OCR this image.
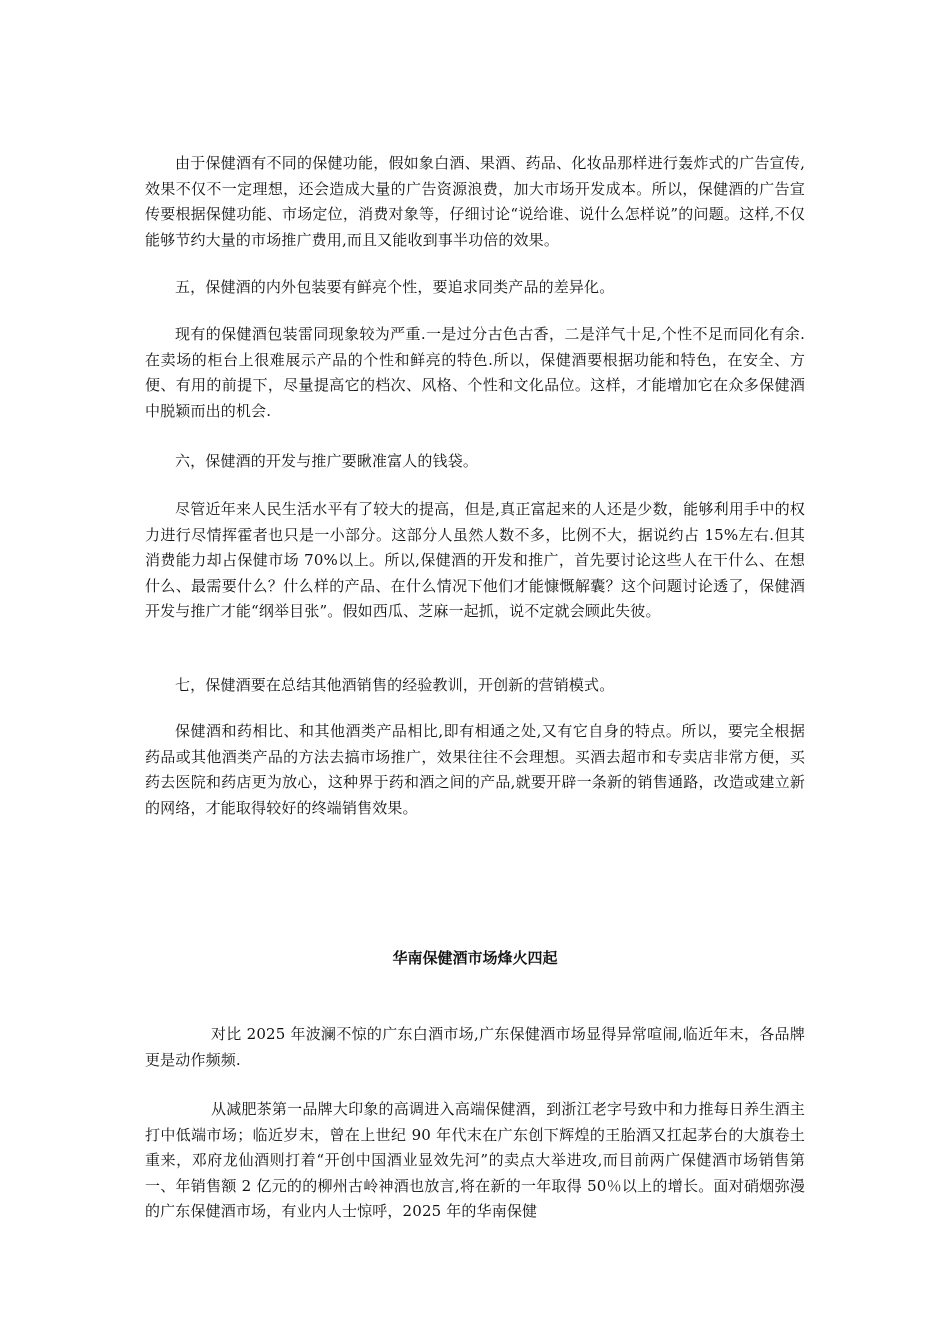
由于保健酒有不同的保健功能，假如象白酒、果酒、药品、化妆品那样进行轰炸式的广告宣传,效果不仅不一定理想，还会造成大量的广告资源浪费，加大市场开发成本。所以，保健酒的广告宣传要根据保健功能、市场定位，消费对象等，仔细讨论“说给谁、说什么怎样说”的问题。这样,不仅能够节约大量的市场推广费用,而且又能收到事半功倍的效果。

五，保健酒的内外包装要有鲜亮个性，要追求同类产品的差异化。

现有的保健酒包装雷同现象较为严重.一是过分古色古香，二是洋气十足,个性不足而同化有余.在卖场的柜台上很难展示产品的个性和鲜亮的特色.所以，保健酒要根据功能和特色，在安全、方便、有用的前提下，尽量提高它的档次、风格、个性和文化品位。这样，才能增加它在众多保健酒中脱颖而出的机会.

六，保健酒的开发与推广要瞅准富人的钱袋。

尽管近年来人民生活水平有了较大的提高，但是,真正富起来的人还是少数，能够利用手中的权力进行尽情挥霍者也只是一小部分。这部分人虽然人数不多，比例不大，据说约占 15%左右.但其消费能力却占保健市场 70%以上。所以,保健酒的开发和推广，首先要讨论这些人在干什么、在想什么、最需要什么？什么样的产品、在什么情况下他们才能慷慨解囊？这个问题讨论透了，保健酒开发与推广才能“纲举目张”。假如西瓜、芝麻一起抓，说不定就会顾此失彼。

七，保健酒要在总结其他酒销售的经验教训，开创新的营销模式。

保健酒和药相比、和其他酒类产品相比,即有相通之处,又有它自身的特点。所以，要完全根据药品或其他酒类产品的方法去搞市场推广，效果往往不会理想。买酒去超市和专卖店非常方便，买药去医院和药店更为放心，这种界于药和酒之间的产品,就要开辟一条新的销售通路，改造或建立新的网络，才能取得较好的终端销售效果。

华南保健酒市场烽火四起

对比 2025 年波澜不惊的广东白酒市场,广东保健酒市场显得异常喧闹,临近年末，各品牌更是动作频频.

从减肥茶第一品牌大印象的高调进入高端保健酒，到浙江老字号致中和力推每日养生酒主打中低端市场；临近岁末，曾在上世纪 90 年代末在广东创下辉煌的王胎酒又扛起茅台的大旗卷土重来，邓府龙仙酒则打着“开创中国酒业显效先河”的卖点大举进攻,而目前两广保健酒市场销售第一、年销售额 2 亿元的的柳州古岭神酒也放言,将在新的一年取得 50％以上的增长。面对硝烟弥漫的广东保健酒市场，有业内人士惊呼，2025 年的华南保健
